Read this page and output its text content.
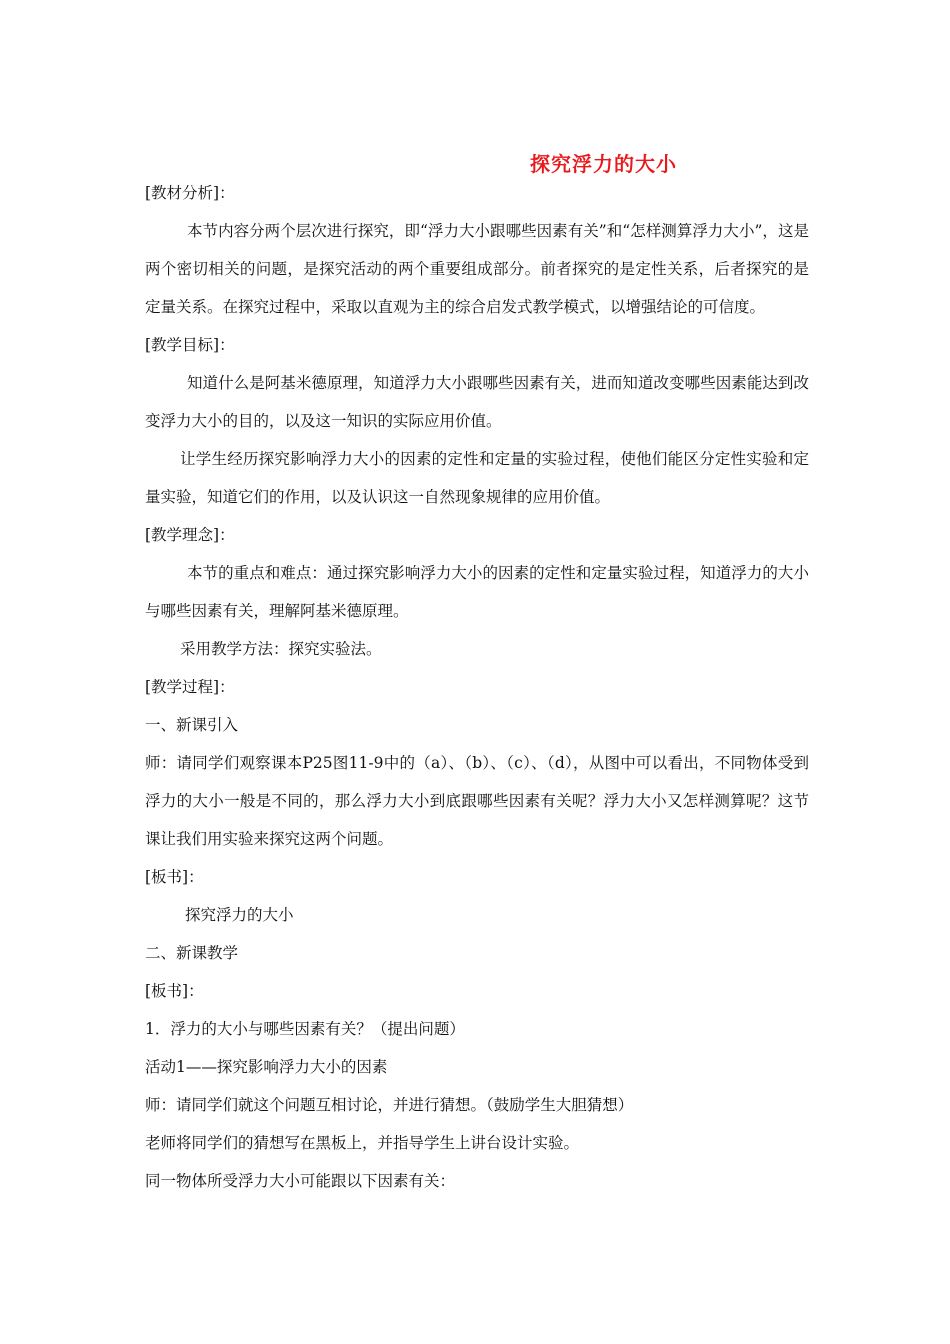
探究浮力的大小

[教材分析]：

本节内容分两个层次进行探究，即“浮力大小跟哪些因素有关”和“怎样测算浮力大小”，这是两个密切相关的问题，是探究活动的两个重要组成部分。前者探究的是定性关系，后者探究的是定量关系。在探究过程中，采取以直观为主的综合启发式教学模式，以增强结论的可信度。

[教学目标]：

知道什么是阿基米德原理，知道浮力大小跟哪些因素有关，进而知道改变哪些因素能达到改变浮力大小的目的，以及这一知识的实际应用价值。

让学生经历探究影响浮力大小的因素的定性和定量的实验过程，使他们能区分定性实验和定量实验，知道它们的作用，以及认识这一自然现象规律的应用价值。

[教学理念]：

本节的重点和难点：通过探究影响浮力大小的因素的定性和定量实验过程，知道浮力的大小与哪些因素有关，理解阿基米德原理。

采用教学方法：探究实验法。

[教学过程]：

一、新课引入

师：请同学们观察课本P25图11-9中的（a）、（b）、（c）、（d），从图中可以看出，不同物体受到浮力的大小一般是不同的，那么浮力大小到底跟哪些因素有关呢？浮力大小又怎样测算呢？这节课让我们用实验来探究这两个问题。

[板书]：

探究浮力的大小

二、新课教学

[板书]：

1．浮力的大小与哪些因素有关？（提出问题）

活动1——探究影响浮力大小的因素

师：请同学们就这个问题互相讨论，并进行猜想。（鼓励学生大胆猜想）

老师将同学们的猜想写在黑板上，并指导学生上讲台设计实验。

同一物体所受浮力大小可能跟以下因素有关：
